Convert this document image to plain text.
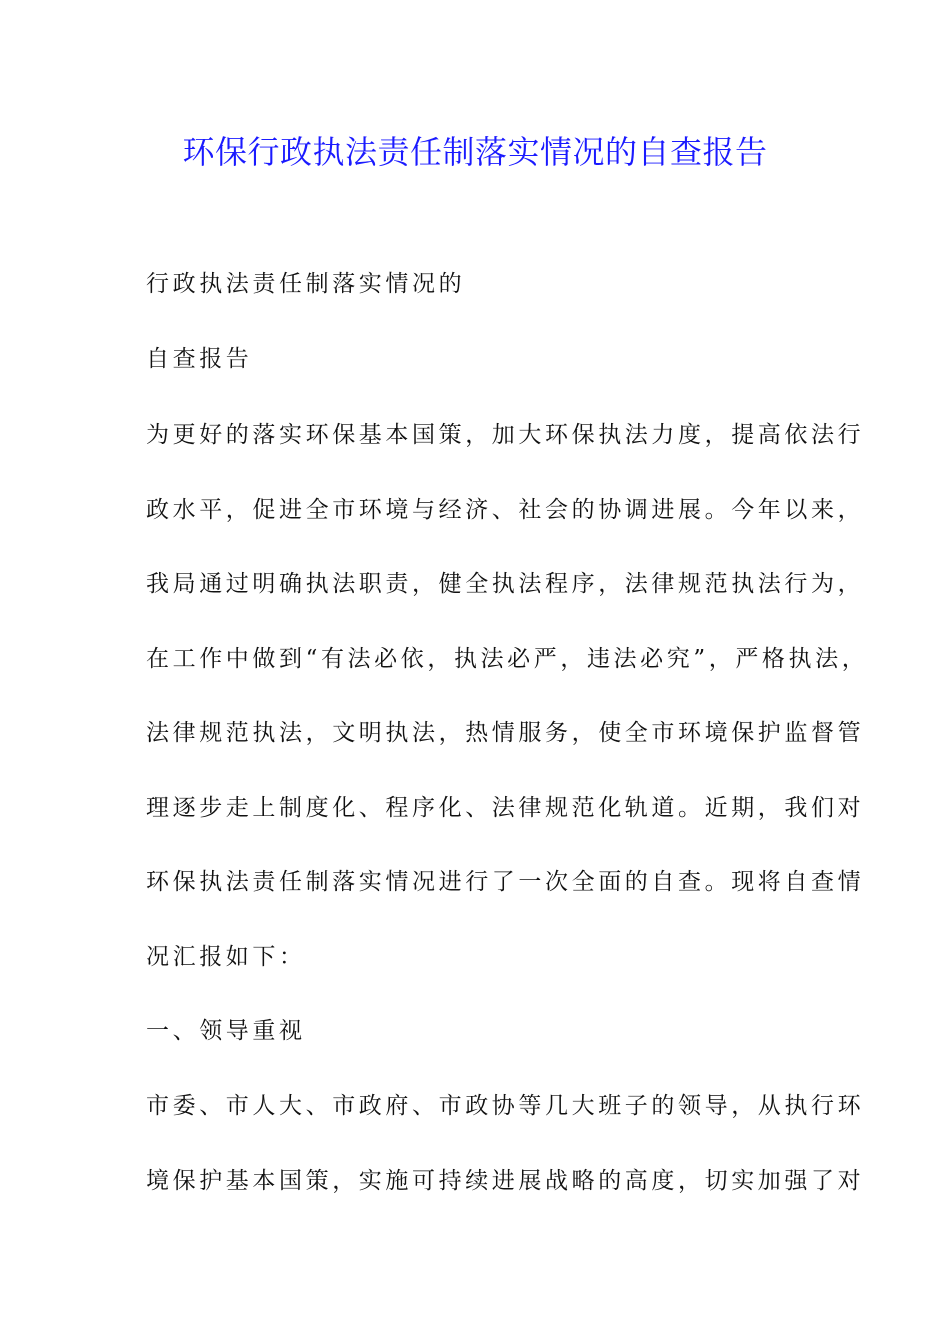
环保行政执法责任制落实情况的自查报告
行政执法责任制落实情况的
自查报告
为更好的落实环保基本国策，加大环保执法力度，提高依法行
政水平，促进全市环境与经济、社会的协调进展。今年以来，
我局通过明确执法职责，健全执法程序，法律规范执法行为，
在工作中做到“有法必依，执法必严，违法必究”，严格执法，
法律规范执法，文明执法，热情服务，使全市环境保护监督管
理逐步走上制度化、程序化、法律规范化轨道。近期，我们对
环保执法责任制落实情况进行了一次全面的自查。现将自查情
况汇报如下：
一、领导重视
市委、市人大、市政府、市政协等几大班子的领导，从执行环
境保护基本国策，实施可持续进展战略的高度，切实加强了对
